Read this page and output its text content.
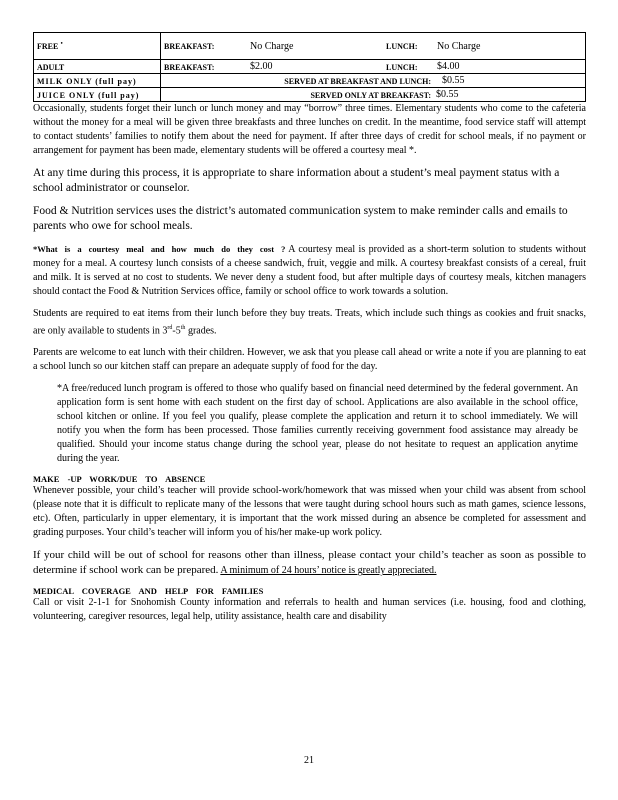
FREE •	BREAKFAST:	No Charge	LUNCH:	No Charge
ADULT	BREAKFAST:	$2.00	LUNCH:	$4.00
MILK ONLY (full pay)	SERVED AT BREAKFAST AND LUNCH:			$0.55
JUICE ONLY (full pay)	SERVED ONLY AT BREAKFAST:			$0.55

Occasionally, students forget their lunch or lunch money and may “borrow” three times. Elementary students who come to the cafeteria without the money for a meal will be given three breakfasts and three lunches on credit. In the meantime, food service staff will attempt to contact students’ families to notify them about the need for payment. If after three days of credit for school meals, if no payment or arrangement for payment has been made, elementary students will be offered a courtesy meal *.

At any time during this process, it is appropriate to share information about a student’s meal payment status with a school administrator or counselor.

Food & Nutrition services uses the district’s automated communication system to make reminder calls and emails to parents who owe for school meals.

*What is a courtesy meal and how much do they cost ? A courtesy meal is provided as a short-term solution to students without money for a meal. A courtesy lunch consists of a cheese sandwich, fruit, veggie and milk. A courtesy breakfast consists of a cereal, fruit and milk. It is served at no cost to students. We never deny a student food, but after multiple days of courtesy meals, kitchen managers should contact the Food & Nutrition Services office, family or school office to work towards a solution.

Students are required to eat items from their lunch before they buy treats. Treats, which include such things as cookies and fruit snacks, are only available to students in 3rd-5th grades.

Parents are welcome to eat lunch with their children. However, we ask that you please call ahead or write a note if you are planning to eat a school lunch so our kitchen staff can prepare an adequate supply of food for the day.

*A free/reduced lunch program is offered to those who qualify based on financial need determined by the federal government. An application form is sent home with each student on the first day of school. Applications are also available in the school office, school kitchen or online. If you feel you qualify, please complete the application and return it to school immediately. We will notify you when the form has been processed. Those families currently receiving government food assistance may already be qualified. Should your income status change during the school year, please do not hesitate to request an application anytime during the year.

MAKE -UP WORK/DUE TO ABSENCE

Whenever possible, your child’s teacher will provide school-work/homework that was missed when your child was absent from school (please note that it is difficult to replicate many of the lessons that were taught during school hours such as math games, science lessons, etc). Often, particularly in upper elementary, it is important that the work missed during an absence be completed for assessment and grading purposes. Your child’s teacher will inform you of his/her make-up work policy.

If your child will be out of school for reasons other than illness, please contact your child’s teacher as soon as possible to determine if school work can be prepared. A minimum of 24 hours’ notice is greatly appreciated.

MEDICAL COVERAGE AND HELP FOR FAMILIES

Call or visit 2-1-1 for Snohomish County information and referrals to health and human services (i.e. housing, food and clothing, volunteering, caregiver resources, legal help, utility assistance, health care and disability

21
